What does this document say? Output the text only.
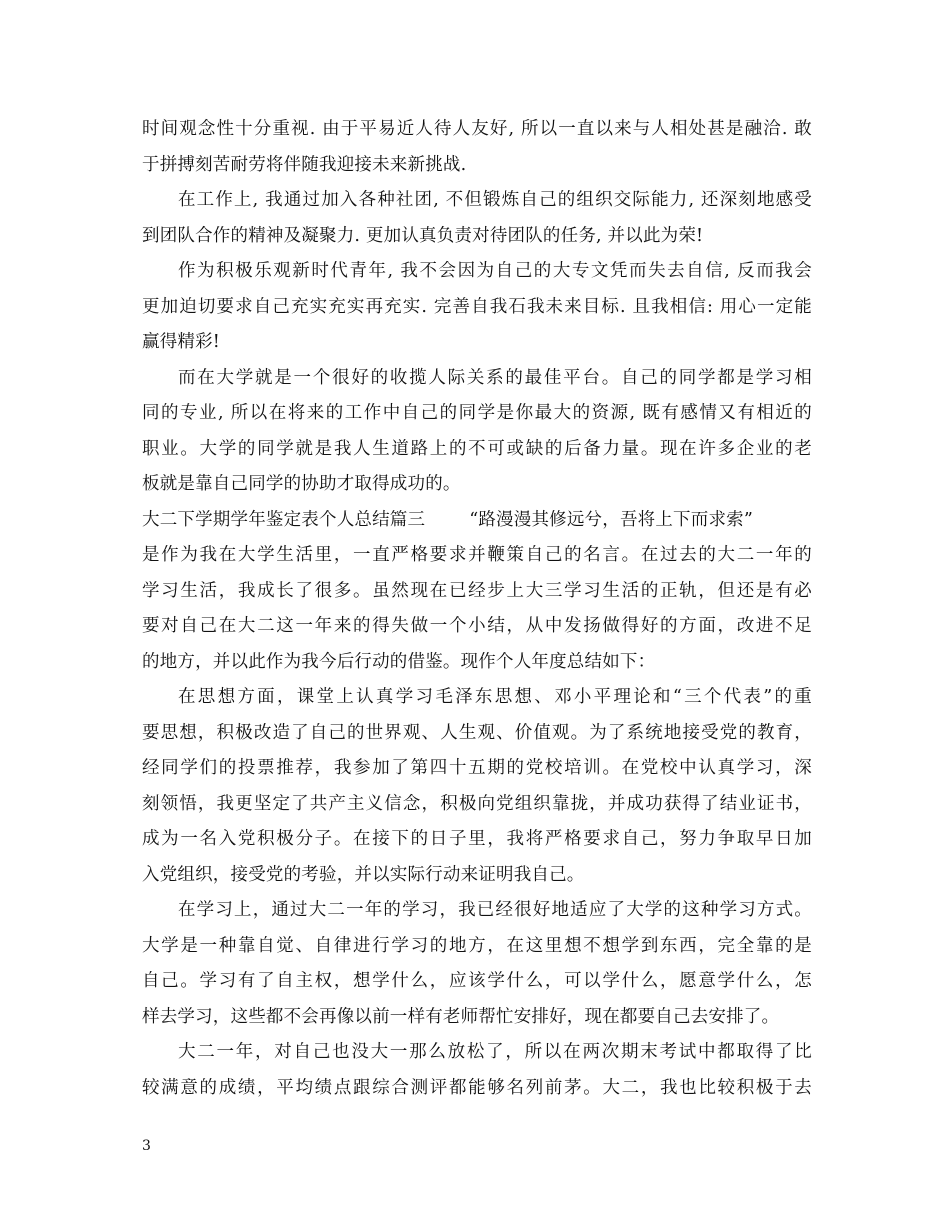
时间观念性十分重视. 由于平易近人待人友好, 所以一直以来与人相处甚是融洽. 敢
于拼搏刻苦耐劳将伴随我迎接未来新挑战.
在工作上, 我通过加入各种社团, 不但锻炼自己的组织交际能力, 还深刻地感受
到团队合作的精神及凝聚力. 更加认真负责对待团队的任务, 并以此为荣!
作为积极乐观新时代青年, 我不会因为自己的大专文凭而失去自信, 反而我会
更加迫切要求自己充实充实再充实. 完善自我石我未来目标. 且我相信: 用心一定能
赢得精彩!
而在大学就是一个很好的收揽人际关系的最佳平台。自己的同学都是学习相
同的专业, 所以在将来的工作中自己的同学是你最大的资源, 既有感情又有相近的
职业。大学的同学就是我人生道路上的不可或缺的后备力量。现在许多企业的老
板就是靠自己同学的协助才取得成功的。
大二下学期学年鉴定表个人总结篇三	“路漫漫其修远兮，吾将上下而求索”
是作为我在大学生活里，一直严格要求并鞭策自己的名言。在过去的大二一年的
学习生活，我成长了很多。虽然现在已经步上大三学习生活的正轨，但还是有必
要对自己在大二这一年来的得失做一个小结，从中发扬做得好的方面，改进不足
的地方，并以此作为我今后行动的借鉴。现作个人年度总结如下：
在思想方面，课堂上认真学习毛泽东思想、邓小平理论和“三个代表”的重
要思想，积极改造了自己的世界观、人生观、价值观。为了系统地接受党的教育，
经同学们的投票推荐，我参加了第四十五期的党校培训。在党校中认真学习，深
刻领悟，我更坚定了共产主义信念，积极向党组织靠拢，并成功获得了结业证书，
成为一名入党积极分子。在接下的日子里，我将严格要求自己，努力争取早日加
入党组织，接受党的考验，并以实际行动来证明我自己。
在学习上，通过大二一年的学习，我已经很好地适应了大学的这种学习方式。
大学是一种靠自觉、自律进行学习的地方，在这里想不想学到东西，完全靠的是
自己。学习有了自主权，想学什么，应该学什么，可以学什么，愿意学什么，怎
样去学习，这些都不会再像以前一样有老师帮忙安排好，现在都要自己去安排了。
大二一年，对自己也没大一那么放松了，所以在两次期末考试中都取得了比
较满意的成绩，平均绩点跟综合测评都能够名列前茅。大二，我也比较积极于去
3
